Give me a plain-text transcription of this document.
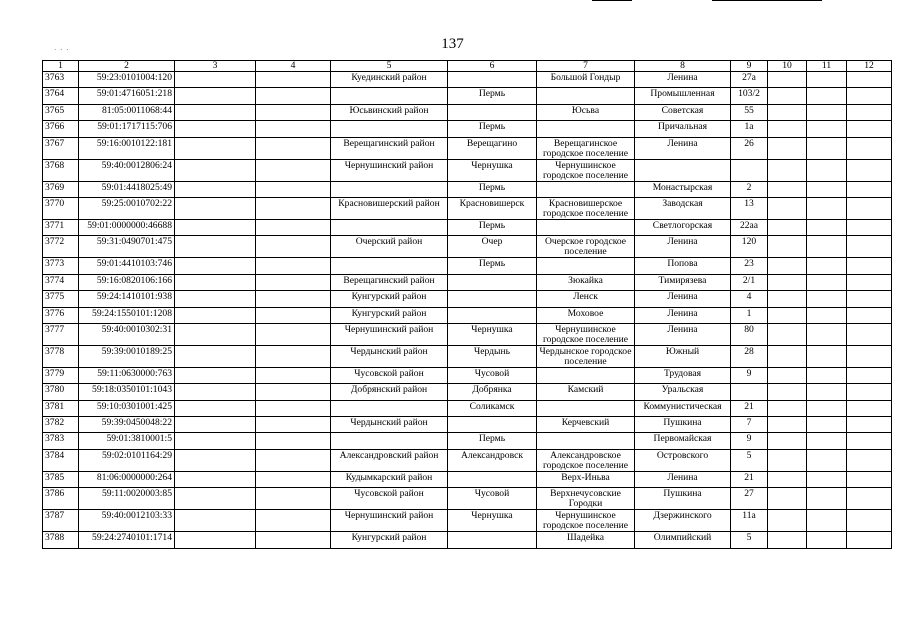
137
· · ·
1	2	3	4	5	6	7	8	9	10	11	12
3763	59:23:0101004:120			Куединский район		Большой Гондыр	Ленина	27а			
3764	59:01:4716051:218				Пермь		Промышленная	103/2			
3765	81:05:0011068:44			Юсьвинский район		Юсьва	Советская	55			
3766	59:01:1717115:706				Пермь		Причальная	1а			
3767	59:16:0010122:181			Верещагинский район	Верещагино	Верещагинское городское поселение	Ленина	26			
3768	59:40:0012806:24			Чернушинский район	Чернушка	Чернушинское городское поселение					
3769	59:01:4418025:49				Пермь		Монастырская	2			
3770	59:25:0010702:22			Красновишерский район	Красновишерск	Красновишерское городское поселение	Заводская	13			
3771	59:01:0000000:46688				Пермь		Светлогорская	22аа			
3772	59:31:0490701:475			Очерский район	Очер	Очерское городское поселение	Ленина	120			
3773	59:01:4410103:746				Пермь		Попова	23			
3774	59:16:0820106:166			Верещагинский район		Зюкайка	Тимирязева	2/1			
3775	59:24:1410101:938			Кунгурский район		Ленск	Ленина	4			
3776	59:24:1550101:1208			Кунгурский район		Моховое	Ленина	1			
3777	59:40:0010302:31			Чернушинский район	Чернушка	Чернушинское городское поселение	Ленина	80			
3778	59:39:0010189:25			Чердынский район	Чердынь	Чердынское городское поселение	Южный	28			
3779	59:11:0630000:763			Чусовской район	Чусовой		Трудовая	9			
3780	59:18:0350101:1043			Добрянский район	Добрянка	Камский	Уральская				
3781	59:10:0301001:425				Соликамск		Коммунистическая	21			
3782	59:39:0450048:22			Чердынский район		Керчевский	Пушкина	7			
3783	59:01:3810001:5				Пермь		Первомайская	9			
3784	59:02:0101164:29			Александровский район	Александровск	Александровское городское поселение	Островского	5			
3785	81:06:0000000:264			Кудымкарский район		Верх-Иньва	Ленина	21			
3786	59:11:0020003:85			Чусовской район	Чусовой	Верхнечусовские Городки	Пушкина	27			
3787	59:40:0012103:33			Чернушинский район	Чернушка	Чернушинское городское поселение	Дзержинского	11а			
3788	59:24:2740101:1714			Кунгурский район		Шадейка	Олимпийский	5			
